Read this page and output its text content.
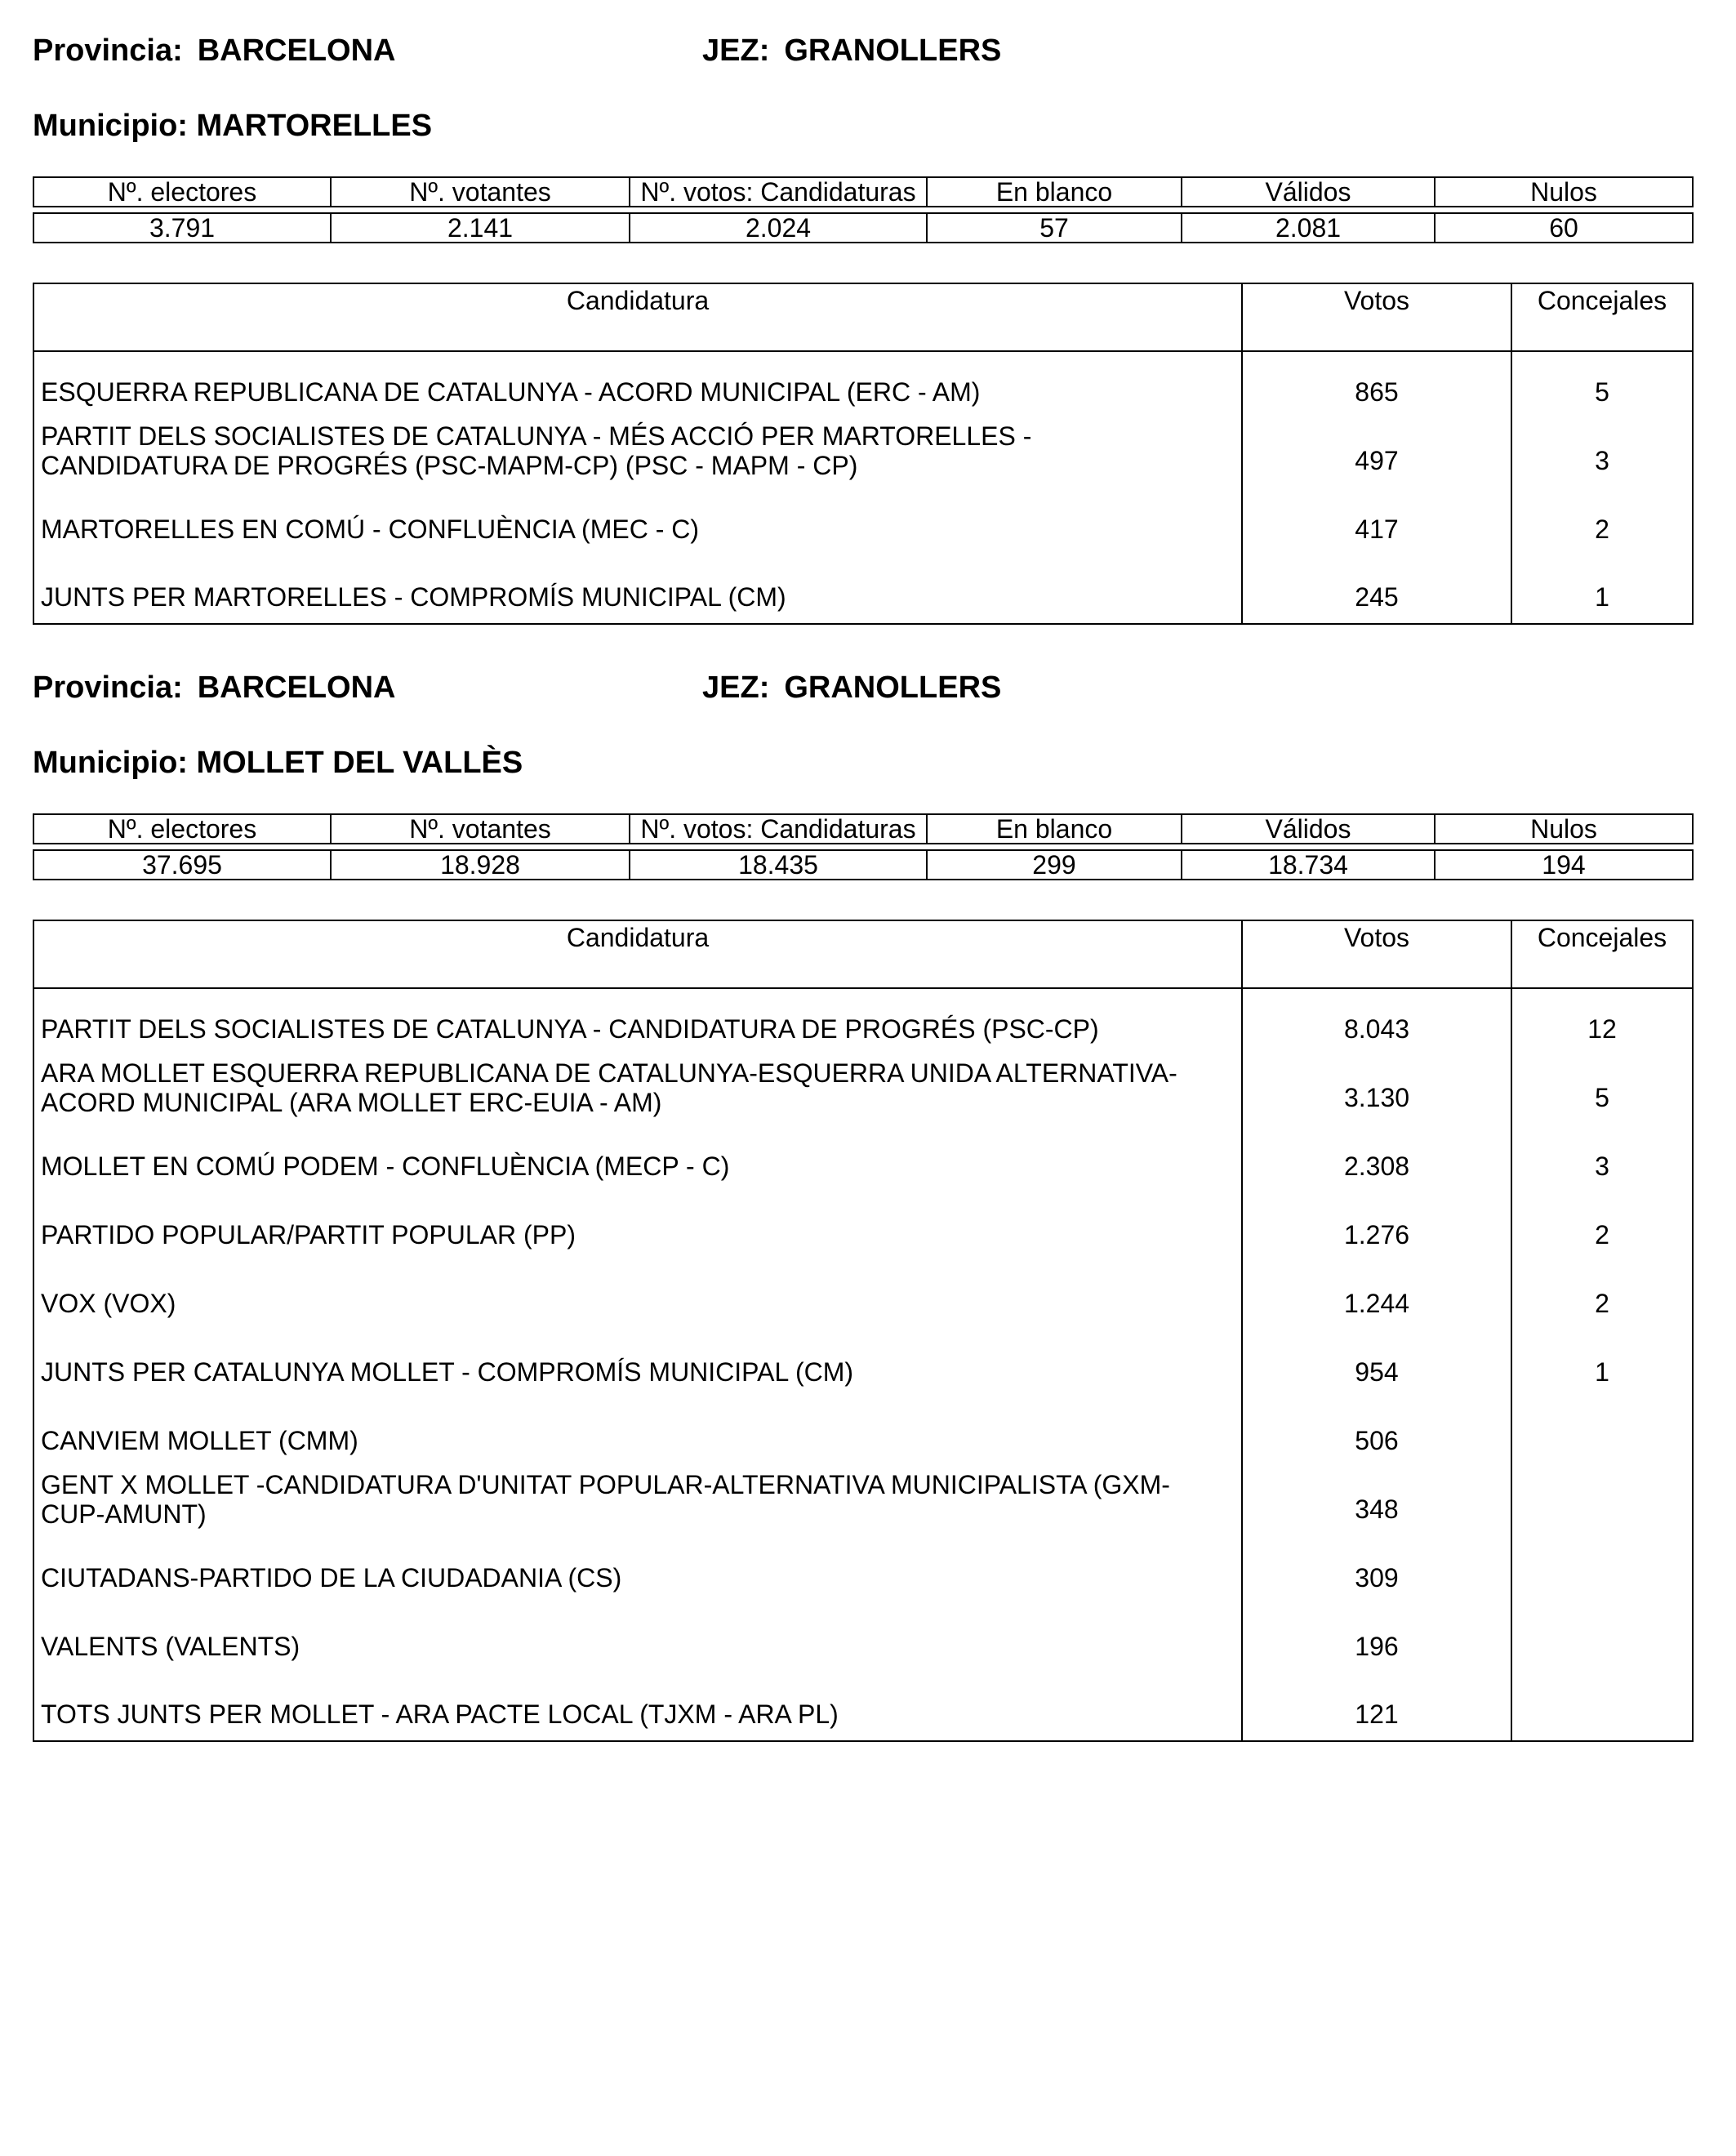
Provincia: BARCELONA	JEZ: GRANOLLERS
Municipio: MARTORELLES
Nº. electores	Nº. votantes	Nº. votos: Candidaturas	En blanco	Válidos	Nulos

3.791	2.141	2.024	57	2.081	60
Candidatura	Votos	Concejales
ESQUERRA REPUBLICANA DE CATALUNYA - ACORD MUNICIPAL (ERC - AM)	865	5
PARTIT DELS SOCIALISTES DE CATALUNYA - MÉS ACCIÓ PER MARTORELLES - CANDIDATURA DE PROGRÉS (PSC-MAPM-CP) (PSC - MAPM - CP)	497	3
MARTORELLES EN COMÚ - CONFLUÈNCIA (MEC - C)	417	2
JUNTS PER MARTORELLES - COMPROMÍS MUNICIPAL (CM)	245	1
Provincia: BARCELONA	JEZ: GRANOLLERS
Municipio: MOLLET DEL VALLÈS
Nº. electores	Nº. votantes	Nº. votos: Candidaturas	En blanco	Válidos	Nulos

37.695	18.928	18.435	299	18.734	194
Candidatura	Votos	Concejales
PARTIT DELS SOCIALISTES DE CATALUNYA - CANDIDATURA DE PROGRÉS (PSC-CP)	8.043	12
ARA MOLLET ESQUERRA REPUBLICANA DE CATALUNYA-ESQUERRA UNIDA ALTERNATIVA-ACORD MUNICIPAL (ARA MOLLET ERC-EUIA - AM)	3.130	5
MOLLET EN COMÚ PODEM - CONFLUÈNCIA (MECP - C)	2.308	3
PARTIDO POPULAR/PARTIT POPULAR (PP)	1.276	2
VOX (VOX)	1.244	2
JUNTS PER CATALUNYA MOLLET - COMPROMÍS MUNICIPAL (CM)	954	1
CANVIEM MOLLET (CMM)	506	
GENT X MOLLET -CANDIDATURA D'UNITAT POPULAR-ALTERNATIVA MUNICIPALISTA (GXM-CUP-AMUNT)	348	
CIUTADANS-PARTIDO DE LA CIUDADANIA (CS)	309	
VALENTS (VALENTS)	196	
TOTS JUNTS PER MOLLET - ARA PACTE LOCAL (TJXM - ARA PL)	121	
